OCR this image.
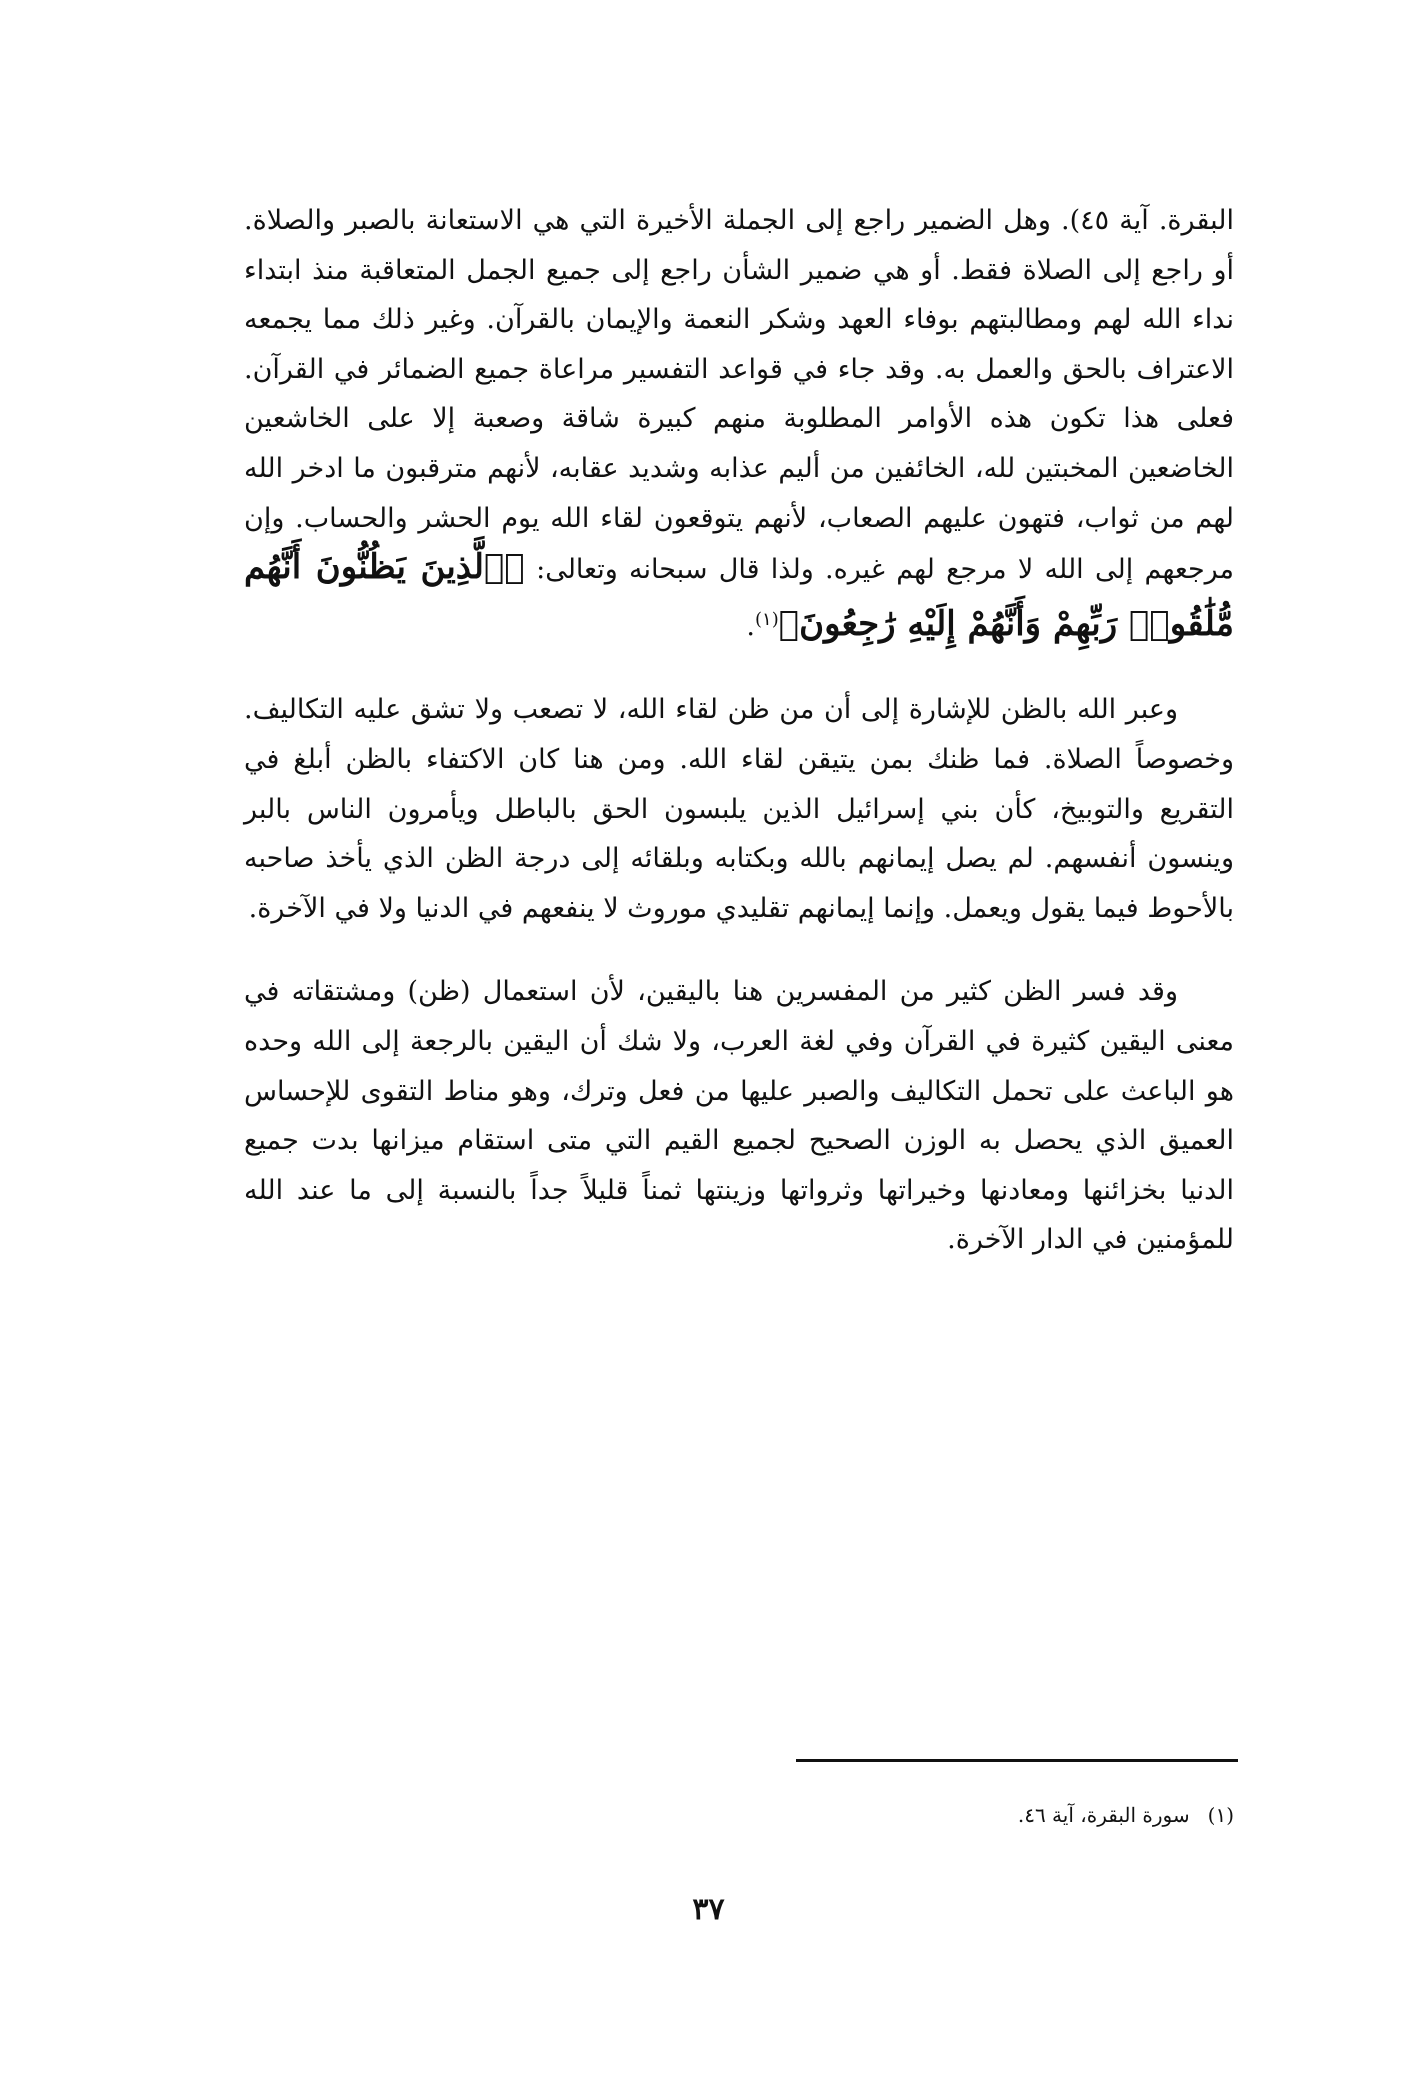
البقرة. آية ٤٥). وهل الضمير راجع إلى الجملة الأخيرة التي هي الاستعانة بالصبر والصلاة. أو راجع إلى الصلاة فقط. أو هي ضمير الشأن راجع إلى جميع الجمل المتعاقبة منذ ابتداء نداء الله لهم ومطالبتهم بوفاء العهد وشكر النعمة والإيمان بالقرآن. وغير ذلك مما يجمعه الاعتراف بالحق والعمل به. وقد جاء في قواعد التفسير مراعاة جميع الضمائر في القرآن. فعلى هذا تكون هذه الأوامر المطلوبة منهم كبيرة شاقة وصعبة إلا على الخاشعين الخاضعين المخبتين لله، الخائفين من أليم عذابه وشديد عقابه، لأنهم مترقبون ما ادخر الله لهم من ثواب، فتهون عليهم الصعاب، لأنهم يتوقعون لقاء الله يوم الحشر والحساب. وإن مرجعهم إلى الله لا مرجع لهم غيره. ولذا قال سبحانه وتعالى: ﴿ٱلَّذِينَ يَظُنُّونَ أَنَّهُم مُّلَٰقُوا۟ رَبِّهِمْ وَأَنَّهُمْ إِلَيْهِ رَٰجِعُونَ﴾$^{(١)}$.

وعبر الله بالظن للإشارة إلى أن من ظن لقاء الله، لا تصعب ولا تشق عليه التكاليف. وخصوصاً الصلاة. فما ظنك بمن يتيقن لقاء الله. ومن هنا كان الاكتفاء بالظن أبلغ في التقريع والتوبيخ، كأن بني إسرائيل الذين يلبسون الحق بالباطل ويأمرون الناس بالبر وينسون أنفسهم. لم يصل إيمانهم بالله وبكتابه وبلقائه إلى درجة الظن الذي يأخذ صاحبه بالأحوط فيما يقول ويعمل. وإنما إيمانهم تقليدي موروث لا ينفعهم في الدنيا ولا في الآخرة.

وقد فسر الظن كثير من المفسرين هنا باليقين، لأن استعمال (ظن) ومشتقاته في معنى اليقين كثيرة في القرآن وفي لغة العرب، ولا شك أن اليقين بالرجعة إلى الله وحده هو الباعث على تحمل التكاليف والصبر عليها من فعل وترك، وهو مناط التقوى للإحساس العميق الذي يحصل به الوزن الصحيح لجميع القيم التي متى استقام ميزانها بدت جميع الدنيا بخزائنها ومعادنها وخيراتها وثرواتها وزينتها ثمناً قليلاً جداً بالنسبة إلى ما عند الله للمؤمنين في الدار الآخرة.

(١)سورة البقرة، آية ٤٦.
٣٧
